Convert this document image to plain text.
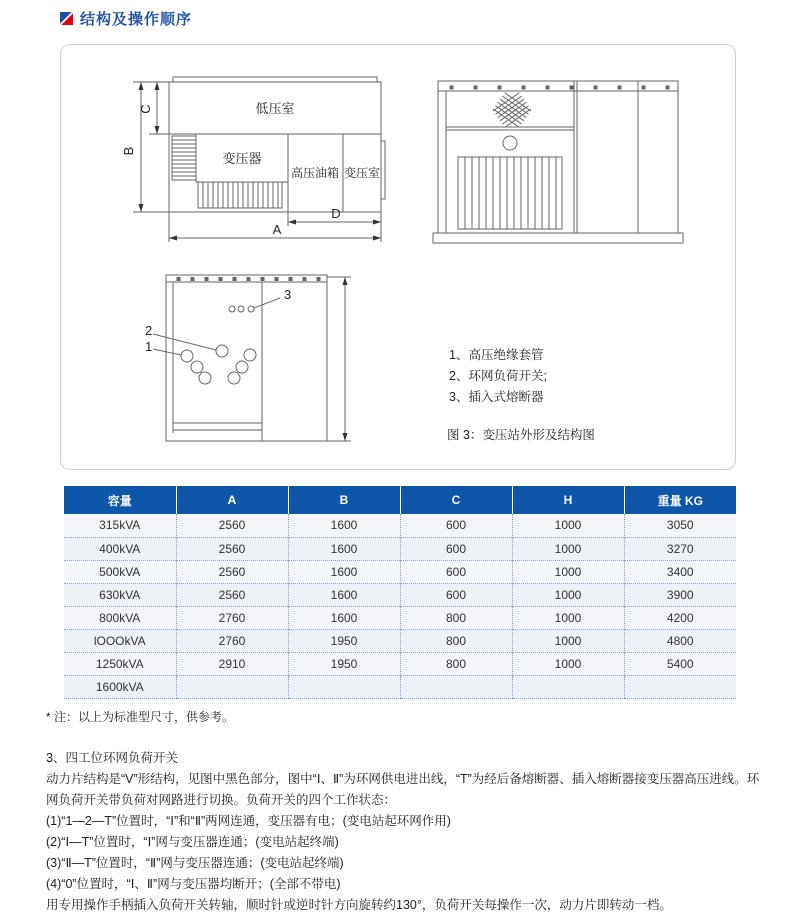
结构及操作顺序
低压室
变压器
高压油箱 变压室
B
C
A
D
3
2
1
1、高压绝缘套管
2、环网负荷开关;
3、插入式熔断器
图 3：变压站外形及结构图
容量	A	B	C	H	重量 KG
315kVA	2560	1600	600	1000	3050
400kVA	2560	1600	600	1000	3270
500kVA	2560	1600	600	1000	3400
630kVA	2560	1600	600	1000	3900
800kVA	2760	1600	800	1000	4200
lOOOkVA	2760	1950	800	1000	4800
1250kVA	2910	1950	800	1000	5400
1600kVA					
* 注：以上为标准型尺寸，供参考。

3、四工位环网负荷开关

动力片结构是“V”形结构，见图中黑色部分，图中“Ⅰ、Ⅱ”为环网供电进出线，“T”为经后备熔断器、插入熔断器接变压器高压进线。环网负荷开关带负荷对网路进行切换。负荷开关的四个工作状态：

(1)“1—2—T”位置时，“Ⅰ”和“Ⅱ”两网连通，变压器有电；(变电站起环网作用)

(2)“Ⅰ—T”位置时，“Ⅰ”网与变压器连通；(变电站起终端)

(3)“Ⅱ—T”位置时，“Ⅱ”网与变压器连通；(变电站起终端)

(4)“0”位置时，“Ⅰ、Ⅱ”网与变压器均断开；(全部不带电)

用专用操作手柄插入负荷开关转轴，顺时针或逆时针方向旋转约130°，负荷开关每操作一次，动力片即转动一档。
